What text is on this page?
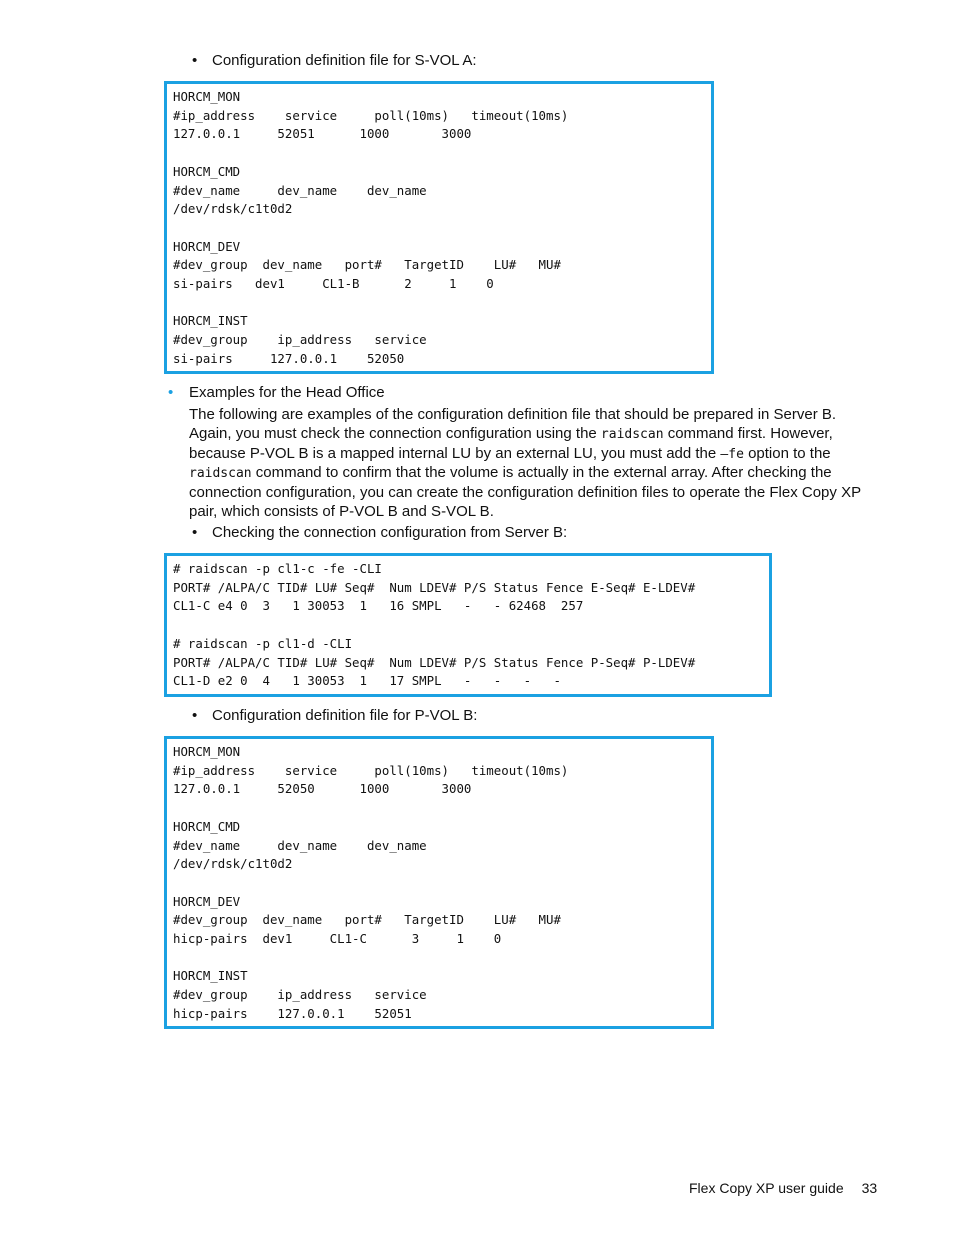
• Configuration definition file for S-VOL A:
HORCM_MON
#ip_address    service     poll(10ms)   timeout(10ms)
127.0.0.1     52051      1000       3000

HORCM_CMD
#dev_name     dev_name    dev_name
/dev/rdsk/c1t0d2

HORCM_DEV
#dev_group  dev_name   port#   TargetID    LU#   MU#
si-pairs   dev1     CL1-B      2     1    0

HORCM_INST
#dev_group    ip_address   service
si-pairs     127.0.0.1    52050
• Examples for the Head Office
The following are examples of the configuration definition file that should be prepared in Server B.
Again, you must check the connection configuration using the raidscan command first. However,
because P-VOL B is a mapped internal LU by an external LU, you must add the –fe option to the
raidscan command to confirm that the volume is actually in the external array. After checking the
connection configuration, you can create the configuration definition files to operate the Flex Copy XP
pair, which consists of P-VOL B and S-VOL B.
• Checking the connection configuration from Server B:
# raidscan -p cl1-c -fe -CLI
PORT# /ALPA/C TID# LU# Seq#  Num LDEV# P/S Status Fence E-Seq# E-LDEV#
CL1-C e4 0  3   1 30053  1   16 SMPL   -   - 62468  257

# raidscan -p cl1-d -CLI
PORT# /ALPA/C TID# LU# Seq#  Num LDEV# P/S Status Fence P-Seq# P-LDEV#
CL1-D e2 0  4   1 30053  1   17 SMPL   -   -   -   -
• Configuration definition file for P-VOL B:
HORCM_MON
#ip_address    service     poll(10ms)   timeout(10ms)
127.0.0.1     52050      1000       3000

HORCM_CMD
#dev_name     dev_name    dev_name
/dev/rdsk/c1t0d2

HORCM_DEV
#dev_group  dev_name   port#   TargetID    LU#   MU#
hicp-pairs  dev1     CL1-C      3     1    0

HORCM_INST
#dev_group    ip_address   service
hicp-pairs    127.0.0.1    52051
Flex Copy XP user guide 33
